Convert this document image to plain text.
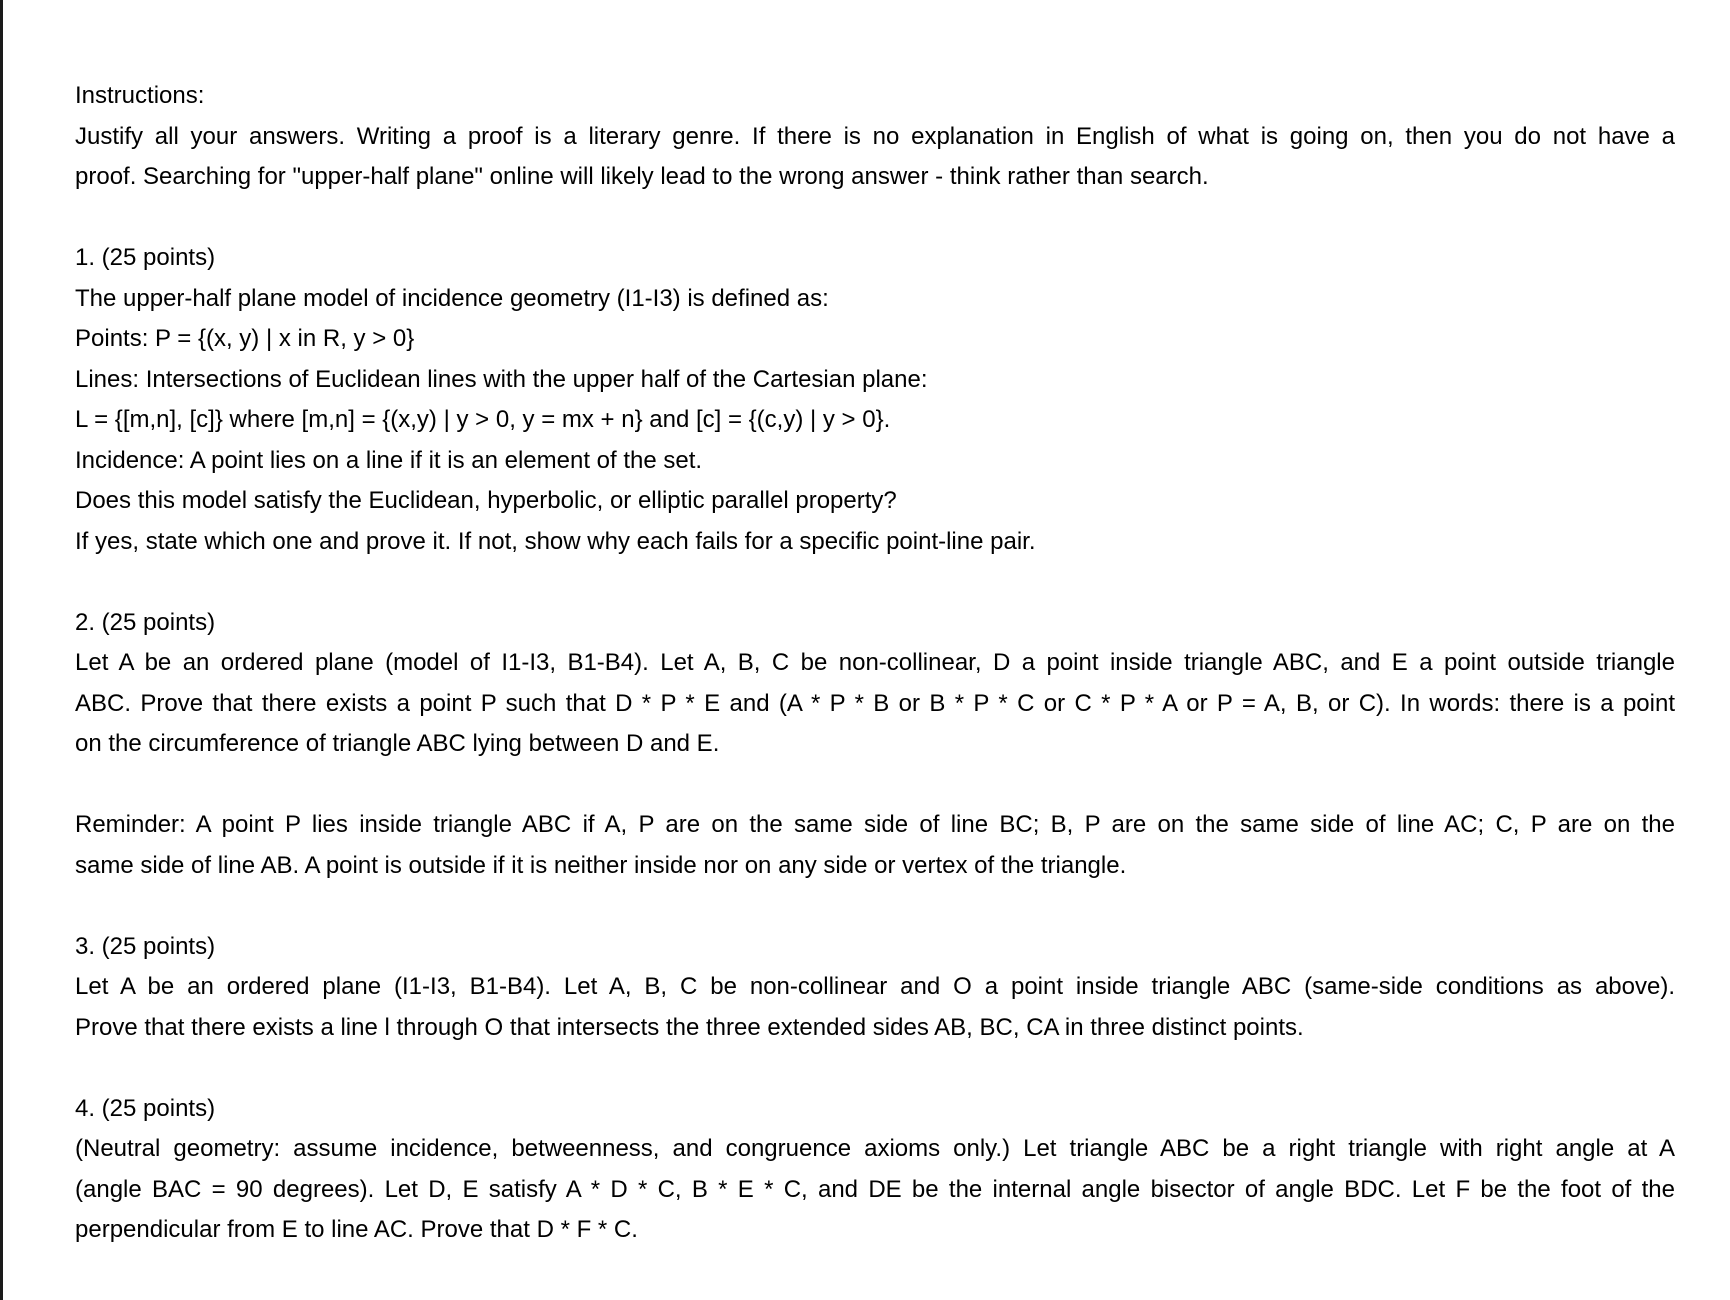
Instructions:
Justify all your answers. Writing a proof is a literary genre. If there is no explanation in English of what is going on, then you do not have a
proof. Searching for "upper-half plane" online will likely lead to the wrong answer - think rather than search.
1. (25 points)
The upper-half plane model of incidence geometry (I1-I3) is defined as:
Points: P = {(x, y) | x in R, y > 0}
Lines: Intersections of Euclidean lines with the upper half of the Cartesian plane:
L = {[m,n], [c]} where [m,n] = {(x,y) | y > 0, y = mx + n} and [c] = {(c,y) | y > 0}.
Incidence: A point lies on a line if it is an element of the set.
Does this model satisfy the Euclidean, hyperbolic, or elliptic parallel property?
If yes, state which one and prove it. If not, show why each fails for a specific point-line pair.
2. (25 points)
Let A be an ordered plane (model of I1-I3, B1-B4). Let A, B, C be non-collinear, D a point inside triangle ABC, and E a point outside triangle
ABC. Prove that there exists a point P such that D * P * E and (A * P * B or B * P * C or C * P * A or P = A, B, or C). In words: there is a point
on the circumference of triangle ABC lying between D and E.
Reminder: A point P lies inside triangle ABC if A, P are on the same side of line BC; B, P are on the same side of line AC; C, P are on the
same side of line AB. A point is outside if it is neither inside nor on any side or vertex of the triangle.
3. (25 points)
Let A be an ordered plane (I1-I3, B1-B4). Let A, B, C be non-collinear and O a point inside triangle ABC (same-side conditions as above).
Prove that there exists a line l through O that intersects the three extended sides AB, BC, CA in three distinct points.
4. (25 points)
(Neutral geometry: assume incidence, betweenness, and congruence axioms only.) Let triangle ABC be a right triangle with right angle at A
(angle BAC = 90 degrees). Let D, E satisfy A * D * C, B * E * C, and DE be the internal angle bisector of angle BDC. Let F be the foot of the
perpendicular from E to line AC. Prove that D * F * C.
